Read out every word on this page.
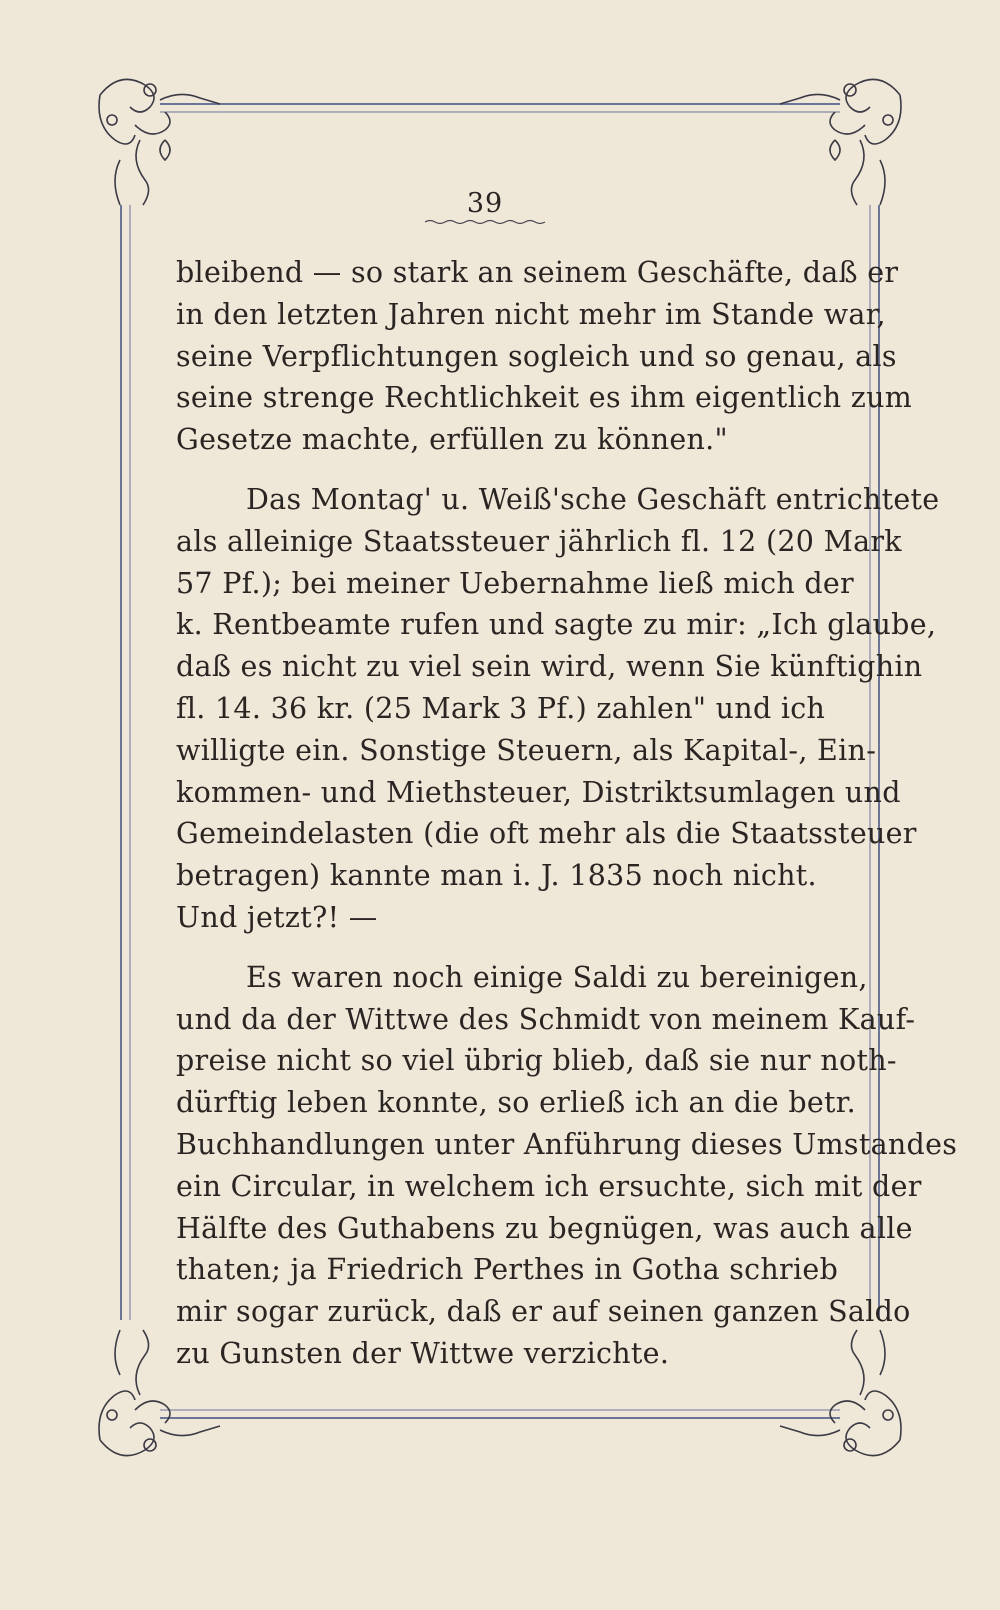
39
bleibend — so stark an seinem Geschäfte, daß er
in den letzten Jahren nicht mehr im Stande war,
seine Verpflichtungen sogleich und so genau, als
seine strenge Rechtlichkeit es ihm eigentlich zum
Gesetze machte, erfüllen zu können."
Das Montag' u. Weiß'sche Geschäft entrichtete
als alleinige Staatssteuer jährlich fl. 12 (20 Mark
57 Pf.); bei meiner Uebernahme ließ mich der
k. Rentbeamte rufen und sagte zu mir: „Ich glaube,
daß es nicht zu viel sein wird, wenn Sie künftighin
fl. 14. 36 kr. (25 Mark 3 Pf.) zahlen" und ich
willigte ein. Sonstige Steuern, als Kapital-, Ein-
kommen- und Miethsteuer, Distriktsumlagen und
Gemeindelasten (die oft mehr als die Staatssteuer
betragen) kannte man i. J. 1835 noch nicht.
Und jetzt?! —
Es waren noch einige Saldi zu bereinigen,
und da der Wittwe des Schmidt von meinem Kauf-
preise nicht so viel übrig blieb, daß sie nur noth-
dürftig leben konnte, so erließ ich an die betr.
Buchhandlungen unter Anführung dieses Umstandes
ein Circular, in welchem ich ersuchte, sich mit der
Hälfte des Guthabens zu begnügen, was auch alle
thaten; ja Friedrich Perthes in Gotha schrieb
mir sogar zurück, daß er auf seinen ganzen Saldo
zu Gunsten der Wittwe verzichte.
